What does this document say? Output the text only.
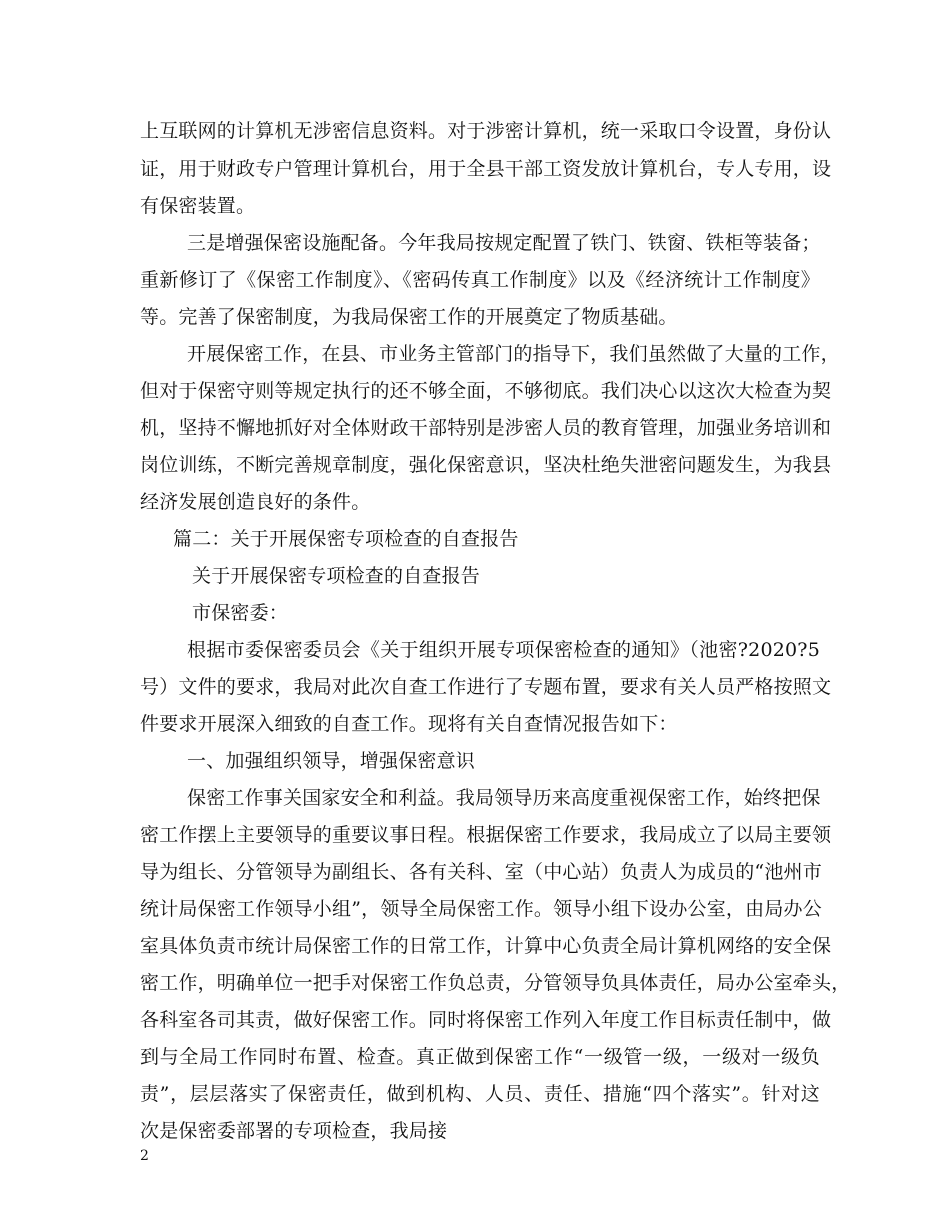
上互联网的计算机无涉密信息资料。对于涉密计算机，统一采取口令设置，身份认
证，用于财政专户管理计算机台，用于全县干部工资发放计算机台，专人专用，设
有保密装置。
三是增强保密设施配备。今年我局按规定配置了铁门、铁窗、铁柜等装备；
重新修订了《保密工作制度》、《密码传真工作制度》以及《经济统计工作制度》
等。完善了保密制度，为我局保密工作的开展奠定了物质基础。
开展保密工作，在县、市业务主管部门的指导下，我们虽然做了大量的工作，
但对于保密守则等规定执行的还不够全面，不够彻底。我们决心以这次大检查为契
机，坚持不懈地抓好对全体财政干部特别是涉密人员的教育管理，加强业务培训和
岗位训练，不断完善规章制度，强化保密意识，坚决杜绝失泄密问题发生，为我县
经济发展创造良好的条件。
篇二：关于开展保密专项检查的自查报告
关于开展保密专项检查的自查报告
市保密委：
根据市委保密委员会《关于组织开展专项保密检查的通知》（池密?2020?5
号）文件的要求，我局对此次自查工作进行了专题布置，要求有关人员严格按照文
件要求开展深入细致的自查工作。现将有关自查情况报告如下：
一、加强组织领导，增强保密意识
保密工作事关国家安全和利益。我局领导历来高度重视保密工作，始终把保
密工作摆上主要领导的重要议事日程。根据保密工作要求，我局成立了以局主要领
导为组长、分管领导为副组长、各有关科、室（中心站）负责人为成员的“池州市
统计局保密工作领导小组”，领导全局保密工作。领导小组下设办公室，由局办公
室具体负责市统计局保密工作的日常工作，计算中心负责全局计算机网络的安全保
密工作，明确单位一把手对保密工作负总责，分管领导负具体责任，局办公室牵头，
各科室各司其责，做好保密工作。同时将保密工作列入年度工作目标责任制中，做
到与全局工作同时布置、检查。真正做到保密工作“一级管一级，一级对一级负
责”，层层落实了保密责任，做到机构、人员、责任、措施“四个落实”。针对这
次是保密委部署的专项检查，我局接
2
